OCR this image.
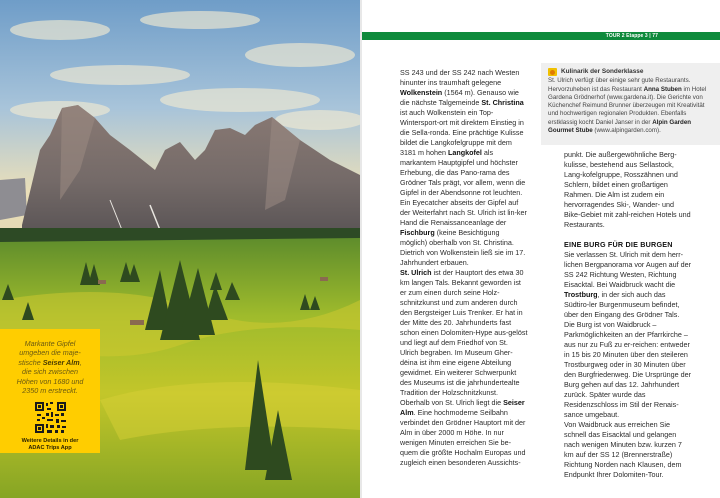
Markante Gipfel
umgeben die maje-
stische Seiser Alm,
die sich zwischen
Höhen von 1680 und
2350 m erstreckt.
Weitere Details in der
ADAC Trips App
TOUR 2 Etappe 3 | 77

SS 243 und der SS 242 nach Westen hinunter ins traumhaft gelegene Wolkenstein (1564 m). Genauso wie die nächste Talgemeinde St. Christina ist auch Wolkenstein ein Top-Wintersport-ort mit direktem Einstieg in die Sella-ronda. Eine prächtige Kulisse bildet die Langkofelgruppe mit dem 3181 m hohen Langkofel als markantem Hauptgipfel und höchster Erhebung, die das Pano-rama des Grödner Tals prägt, vor allem, wenn die Gipfel in der Abendsonne rot leuchten.

Ein Eyecatcher abseits der Gipfel auf der Weiterfahrt nach St. Ulrich ist lin-ker Hand die Renaissanceanlage der Fischburg (keine Besichtigung möglich) oberhalb von St. Christina. Dietrich von Wolkenstein ließ sie im 17. Jahrhundert erbauen.

St. Ulrich ist der Hauptort des etwa 30 km langen Tals. Bekannt geworden ist er zum einen durch seine Holz-schnitzkunst und zum anderen durch den Bergsteiger Luis Trenker. Er hat in der Mitte des 20. Jahrhunderts fast schon einen Dolomiten-Hype aus-gelöst und liegt auf dem Friedhof von St. Ulrich begraben. Im Museum Gher-dëina ist ihm eine eigene Abteilung gewidmet. Ein weiterer Schwerpunkt des Museums ist die jahrhundertealte Tradition der Holzschnitzkunst.

Oberhalb von St. Ulrich liegt die Seiser Alm. Eine hochmoderne Seilbahn verbindet den Grödner Hauptort mit der Alm in über 2000 m Höhe. In nur wenigen Minuten erreichen Sie be-quem die größte Hochalm Europas und zugleich einen besonderen Aussichts-

Kulinarik der Sonderklasse
St. Ulrich verfügt über einige sehr gute Restaurants. Hervorzuheben ist das Restaurant Anna Stuben im Hotel Gardena Grödnerhof (www.gardena.it). Die Gerichte von Küchenchef Reimund Brunner überzeugen mit Kreativität und hochwertigen regionalen Produkten. Ebenfalls erstklassig kocht Daniel Janser in der Alpin Garden Gourmet Stube (www.alpingarden.com).

punkt. Die außergewöhnliche Berg-kulisse, bestehend aus Sellastock, Lang-kofelgruppe, Rosszähnen und Schlern, bildet einen großartigen Rahmen. Die Alm ist zudem ein hervorragendes Ski-, Wander- und Bike-Gebiet mit zahl-reichen Hotels und Restaurants.

EINE BURG FÜR DIE BURGEN

Sie verlassen St. Ulrich mit dem herr-lichen Bergpanorama vor Augen auf der SS 242 Richtung Westen, Richtung Eisacktal. Bei Waidbruck wacht die Trostburg, in der sich auch das Südtiro-ler Burgenmuseum befindet, über den Eingang des Grödner Tals. Die Burg ist von Waidbruck – Parkmöglichkeiten an der Pfarrkirche – aus nur zu Fuß zu er-reichen: entweder in 15 bis 20 Minuten über den steileren Trostburgweg oder in 30 Minuten über den Burgfriedenweg. Die Ursprünge der Burg gehen auf das 12. Jahrhundert zurück. Später wurde das Residenzschloss im Stil der Renais-sance umgebaut.

Von Waidbruck aus erreichen Sie schnell das Eisacktal und gelangen nach wenigen Minuten bzw. kurzen 7 km auf der SS 12 (Brennerstraße) Richtung Norden nach Klausen, dem Endpunkt Ihrer Dolomiten-Tour.
